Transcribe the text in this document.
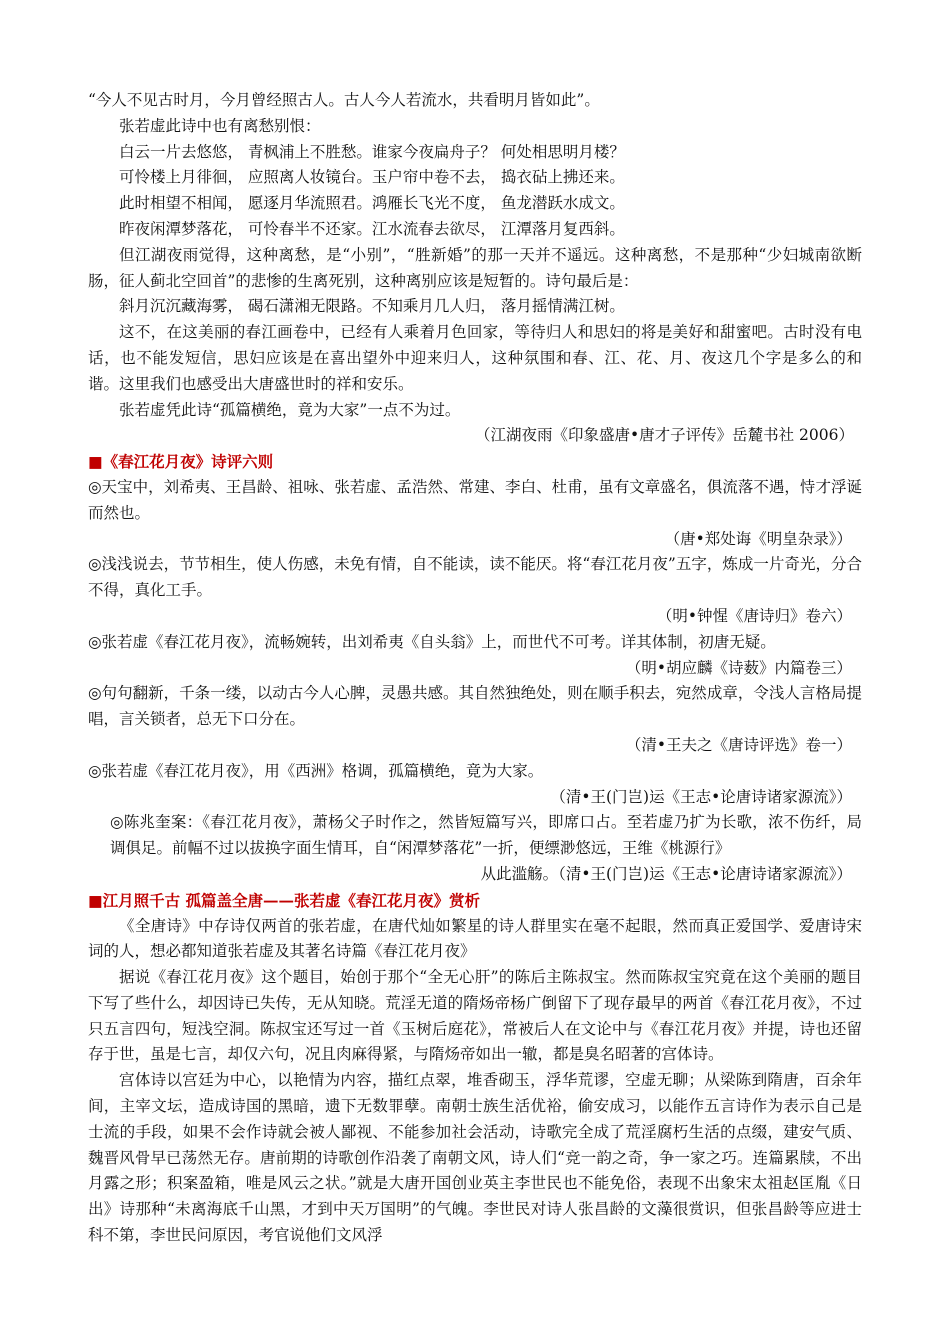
“今人不见古时月，今月曾经照古人。古人今人若流水，共看明月皆如此”。
张若虚此诗中也有离愁别恨：
白云一片去悠悠， 青枫浦上不胜愁。谁家今夜扁舟子？ 何处相思明月楼？
可怜楼上月徘徊， 应照离人妆镜台。玉户帘中卷不去， 捣衣砧上拂还来。
此时相望不相闻， 愿逐月华流照君。鸿雁长飞光不度， 鱼龙潜跃水成文。
昨夜闲潭梦落花， 可怜春半不还家。江水流春去欲尽， 江潭落月复西斜。
但江湖夜雨觉得，这种离愁，是“小别”，“胜新婚”的那一天并不遥远。这种离愁，不是那种“少妇城南欲断肠，征人蓟北空回首”的悲惨的生离死别，这种离别应该是短暂的。诗句最后是：
斜月沉沉藏海雾， 碣石潇湘无限路。不知乘月几人归， 落月摇情满江树。
这不，在这美丽的春江画卷中，已经有人乘着月色回家，等待归人和思妇的将是美好和甜蜜吧。古时没有电话，也不能发短信，思妇应该是在喜出望外中迎来归人，这种氛围和春、江、花、月、夜这几个字是多么的和谐。这里我们也感受出大唐盛世时的祥和安乐。
张若虚凭此诗“孤篇横绝，竟为大家”一点不为过。
（江湖夜雨《印象盛唐•唐才子评传》岳麓书社 2006）
■《春江花月夜》诗评六则
◎天宝中，刘希夷、王昌龄、祖咏、张若虚、孟浩然、常建、李白、杜甫，虽有文章盛名，俱流落不遇，恃才浮诞而然也。
（唐•郑处诲《明皇杂录》）
◎浅浅说去，节节相生，使人伤感，未免有情，自不能读，读不能厌。将“春江花月夜”五字，炼成一片奇光，分合不得，真化工手。
（明•钟惺《唐诗归》卷六）
◎张若虚《春江花月夜》，流畅婉转，出刘希夷《自头翁》上，而世代不可考。详其体制，初唐无疑。
（明•胡应麟《诗薮》内篇卷三）
◎句句翻新，千条一缕，以动古今人心脾，灵愚共感。其自然独绝处，则在顺手积去，宛然成章，令浅人言格局提唱，言关锁者，总无下口分在。
（清•王夫之《唐诗评选》卷一）
◎张若虚《春江花月夜》，用《西洲》格调，孤篇横绝，竟为大家。
（清•王(门岂)运《王志•论唐诗诸家源流》）
◎陈兆奎案：《春江花月夜》，萧杨父子时作之，然皆短篇写兴，即席口占。至若虚乃扩为长歌，浓不伤纤，局调俱足。前幅不过以拔换字面生情耳，自“闲潭梦落花”一折，便缥渺悠远，王维《桃源行》
从此滥觞。（清•王(门岂)运《王志•论唐诗诸家源流》）
■江月照千古 孤篇盖全唐——张若虚《春江花月夜》赏析
《全唐诗》中存诗仅两首的张若虚，在唐代灿如繁星的诗人群里实在毫不起眼，然而真正爱国学、爱唐诗宋词的人，想必都知道张若虚及其著名诗篇《春江花月夜》
据说《春江花月夜》这个题目，始创于那个“全无心肝”的陈后主陈叔宝。然而陈叔宝究竟在这个美丽的题目下写了些什么，却因诗已失传，无从知晓。荒淫无道的隋炀帝杨广倒留下了现存最早的两首《春江花月夜》，不过只五言四句，短浅空洞。陈叔宝还写过一首《玉树后庭花》，常被后人在文论中与《春江花月夜》并提，诗也还留存于世，虽是七言，却仅六句，况且肉麻得紧，与隋炀帝如出一辙，都是臭名昭著的宫体诗。
宫体诗以宫廷为中心，以艳情为内容，描红点翠，堆香砌玉，浮华荒谬，空虚无聊；从梁陈到隋唐，百余年间，主宰文坛，造成诗国的黑暗，遗下无数罪孽。南朝士族生活优裕，偷安成习，以能作五言诗作为表示自己是士流的手段，如果不会作诗就会被人鄙视、不能参加社会活动，诗歌完全成了荒淫腐朽生活的点缀，建安气质、魏晋风骨早已荡然无存。唐前期的诗歌创作沿袭了南朝文风，诗人们“竞一韵之奇，争一家之巧。连篇累牍，不出月露之形；积案盈箱，唯是风云之状。”就是大唐开国创业英主李世民也不能免俗，表现不出象宋太祖赵匡胤《日出》诗那种“未离海底千山黑，才到中天万国明”的气魄。李世民对诗人张昌龄的文藻很赏识，但张昌龄等应进士科不第，李世民问原因，考官说他们文风浮
